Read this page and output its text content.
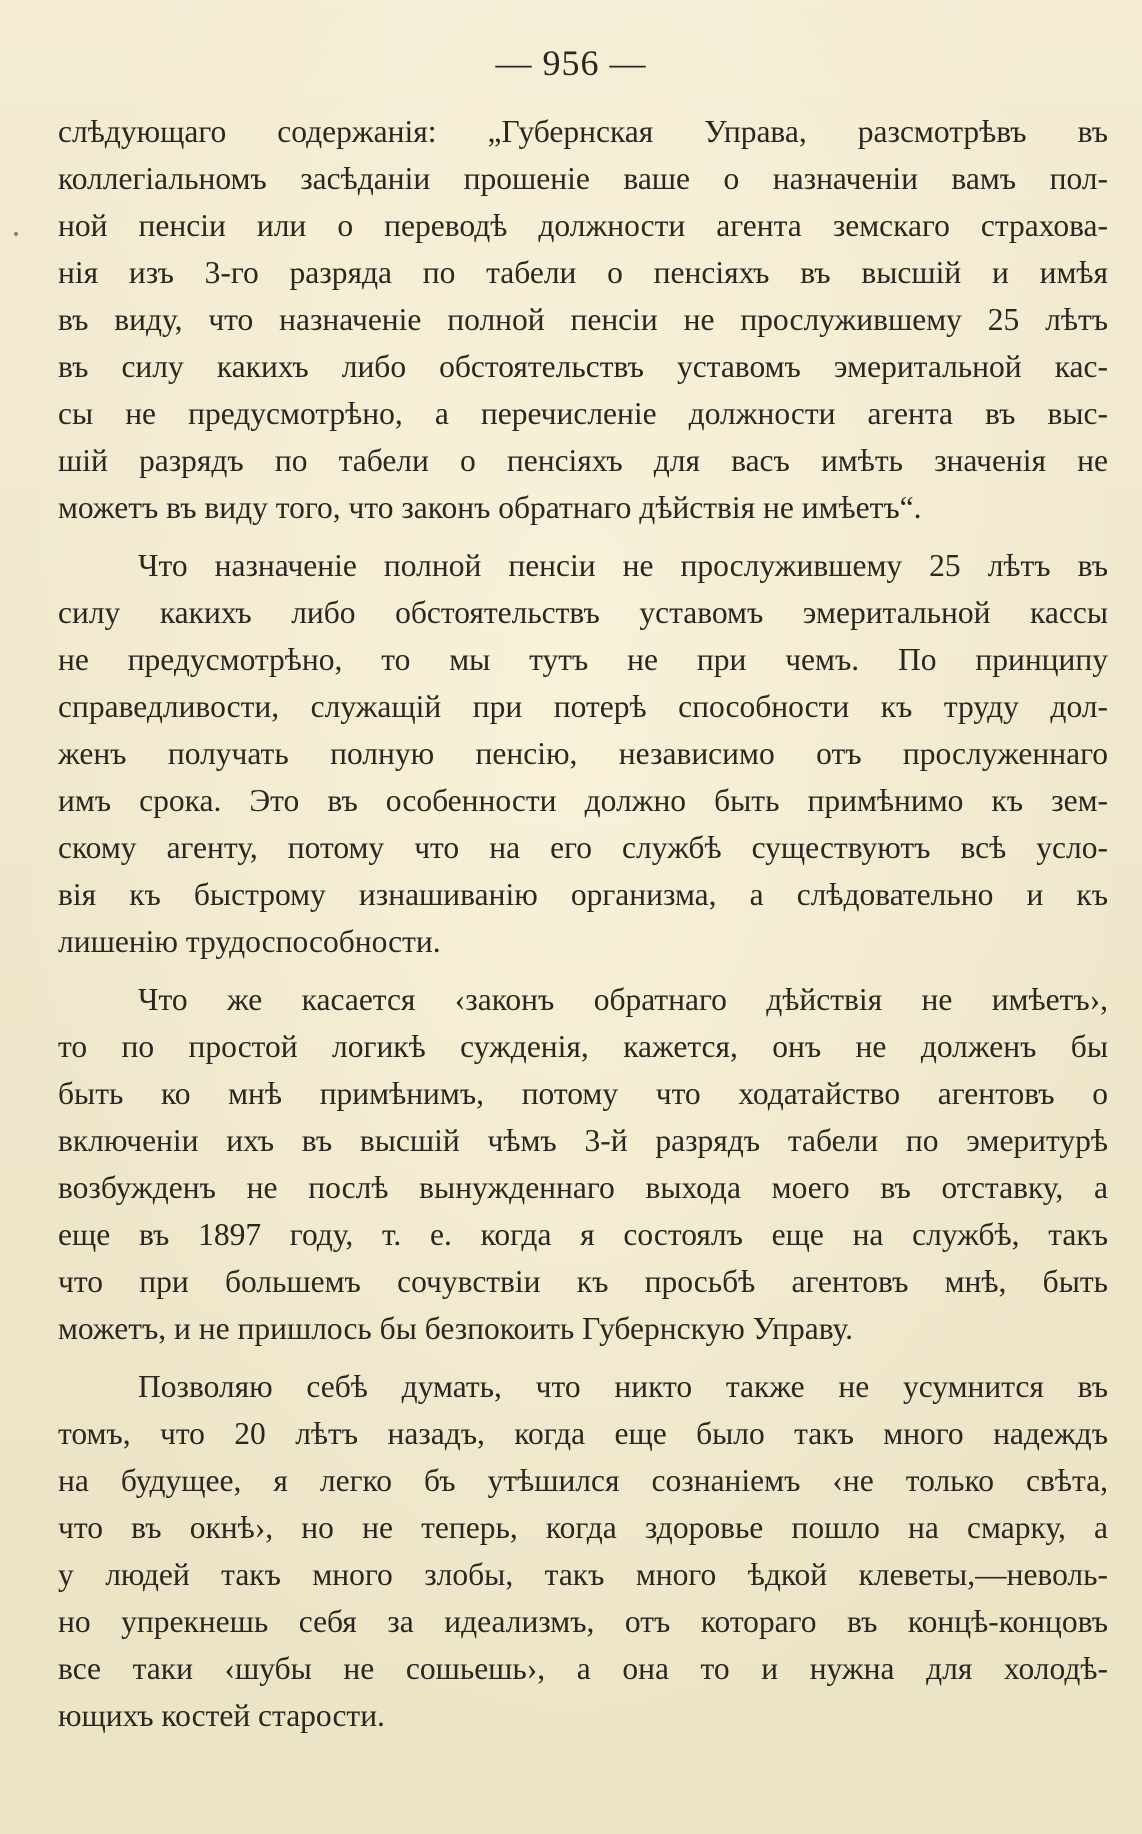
— 956 —
слѣдующаго содержанія: „Губернская Управа, разсмотрѣвъ въ
коллегіальномъ засѣданіи прошеніе ваше о назначеніи вамъ пол-
ной пенсіи или о переводѣ должности агента земскаго страхова-
нія изъ 3-го разряда по табели о пенсіяхъ въ высшій и имѣя
въ виду, что назначеніе полной пенсіи не прослужившему 25 лѣтъ
въ силу какихъ либо обстоятельствъ уставомъ эмеритальной кас-
сы не предусмотрѣно, а перечисленіе должности агента въ выс-
шій разрядъ по табели о пенсіяхъ для васъ имѣть значенія не
можетъ въ виду того, что законъ обратнаго дѣйствія не имѣетъ“.
Что назначеніе полной пенсіи не прослужившему 25 лѣтъ въ
силу какихъ либо обстоятельствъ уставомъ эмеритальной кассы
не предусмотрѣно, то мы тутъ не при чемъ. По принципу
справедливости, служащій при потерѣ способности къ труду дол-
женъ получать полную пенсію, независимо отъ прослуженнаго
имъ срока. Это въ особенности должно быть примѣнимо къ зем-
скому агенту, потому что на его службѣ существуютъ всѣ усло-
вія къ быстрому изнашиванію организма, а слѣдовательно и къ
лишенію трудоспособности.
Что же касается ‹законъ обратнаго дѣйствія не имѣетъ›,
то по простой логикѣ сужденія, кажется, онъ не долженъ бы
быть ко мнѣ примѣнимъ, потому что ходатайство агентовъ о
включеніи ихъ въ высшій чѣмъ 3-й разрядъ табели по эмеритурѣ
возбужденъ не послѣ вынужденнаго выхода моего въ отставку, а
еще въ 1897 году, т. е. когда я состоялъ еще на службѣ, такъ
что при большемъ сочувствіи къ просьбѣ агентовъ мнѣ, быть
можетъ, и не пришлось бы безпокоить Губернскую Управу.
Позволяю себѣ думать, что никто также не усумнится въ
томъ, что 20 лѣтъ назадъ, когда еще было такъ много надеждъ
на будущее, я легко бъ утѣшился сознаніемъ ‹не только свѣта,
что въ окнѣ›, но не теперь, когда здоровье пошло на смарку, а
у людей такъ много злобы, такъ много ѣдкой клеветы,—неволь-
но упрекнешь себя за идеализмъ, отъ котораго въ концѣ-концовъ
все таки ‹шубы не сошьешь›, а она то и нужна для холодѣ-
ющихъ костей старости.
